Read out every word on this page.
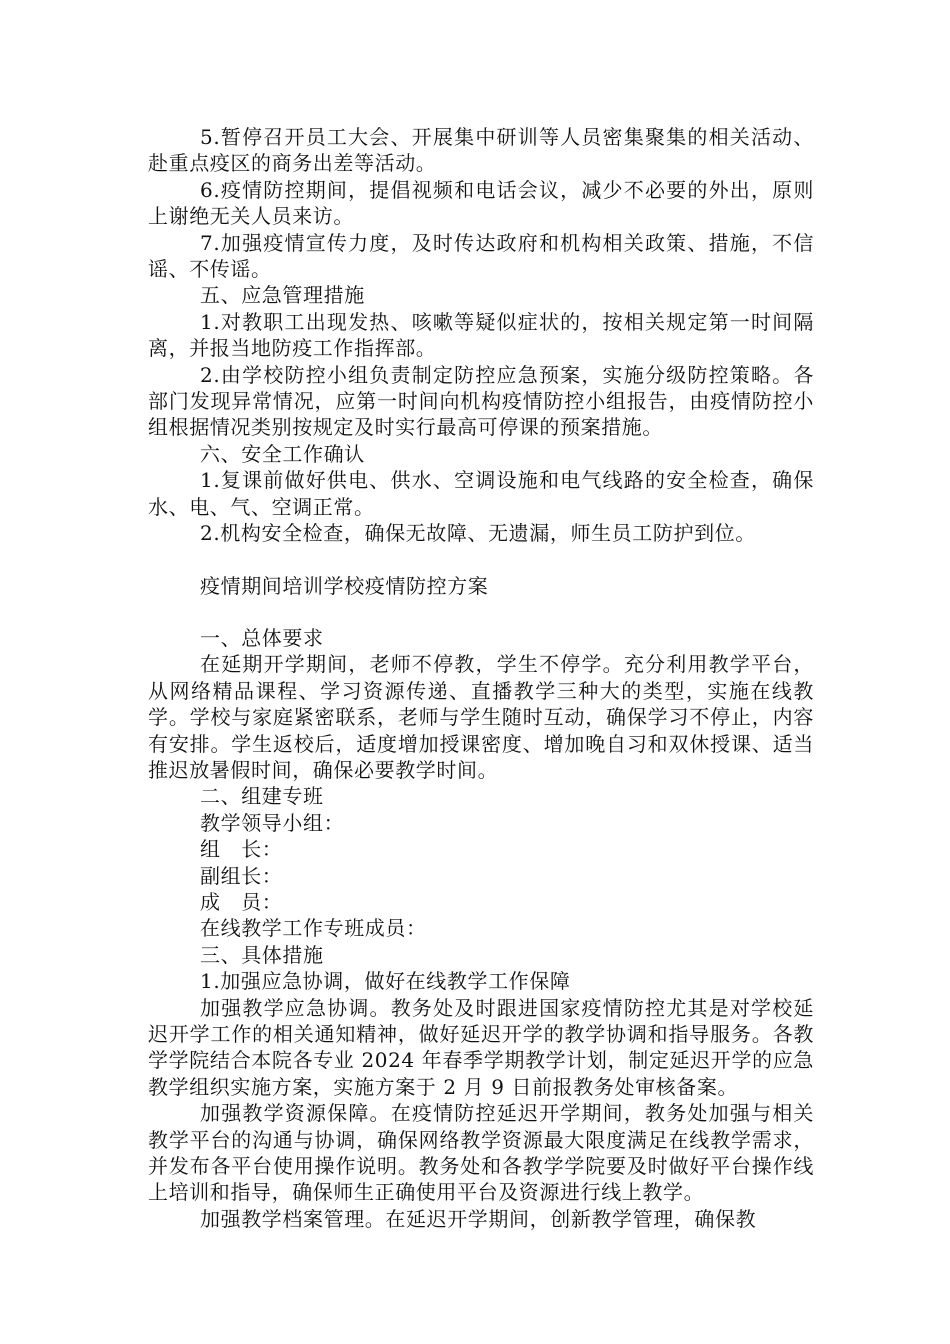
5.暂停召开员工大会、开展集中研训等人员密集聚集的相关活动、赴重点疫区的商务出差等活动。

6.疫情防控期间，提倡视频和电话会议，减少不必要的外出，原则上谢绝无关人员来访。

7.加强疫情宣传力度，及时传达政府和机构相关政策、措施，不信谣、不传谣。

五、应急管理措施

1.对教职工出现发热、咳嗽等疑似症状的，按相关规定第一时间隔离，并报当地防疫工作指挥部。

2.由学校防控小组负责制定防控应急预案，实施分级防控策略。各部门发现异常情况，应第一时间向机构疫情防控小组报告，由疫情防控小组根据情况类别按规定及时实行最高可停课的预案措施。

六、安全工作确认

1.复课前做好供电、供水、空调设施和电气线路的安全检查，确保水、电、气、空调正常。

2.机构安全检查，确保无故障、无遗漏，师生员工防护到位。

疫情期间培训学校疫情防控方案

一、总体要求

在延期开学期间，老师不停教，学生不停学。充分利用教学平台，从网络精品课程、学习资源传递、直播教学三种大的类型，实施在线教学。学校与家庭紧密联系，老师与学生随时互动，确保学习不停止，内容有安排。学生返校后，适度增加授课密度、增加晚自习和双休授课、适当推迟放暑假时间，确保必要教学时间。

二、组建专班

教学领导小组：

组　长：

副组长：

成　员：

在线教学工作专班成员：

三、具体措施

1.加强应急协调，做好在线教学工作保障

加强教学应急协调。教务处及时跟进国家疫情防控尤其是对学校延迟开学工作的相关通知精神，做好延迟开学的教学协调和指导服务。各教学学院结合本院各专业 2024 年春季学期教学计划，制定延迟开学的应急教学组织实施方案，实施方案于 2 月 9 日前报教务处审核备案。

加强教学资源保障。在疫情防控延迟开学期间，教务处加强与相关教学平台的沟通与协调，确保网络教学资源最大限度满足在线教学需求，并发布各平台使用操作说明。教务处和各教学学院要及时做好平台操作线上培训和指导，确保师生正确使用平台及资源进行线上教学。

加强教学档案管理。在延迟开学期间，创新教学管理，确保教
